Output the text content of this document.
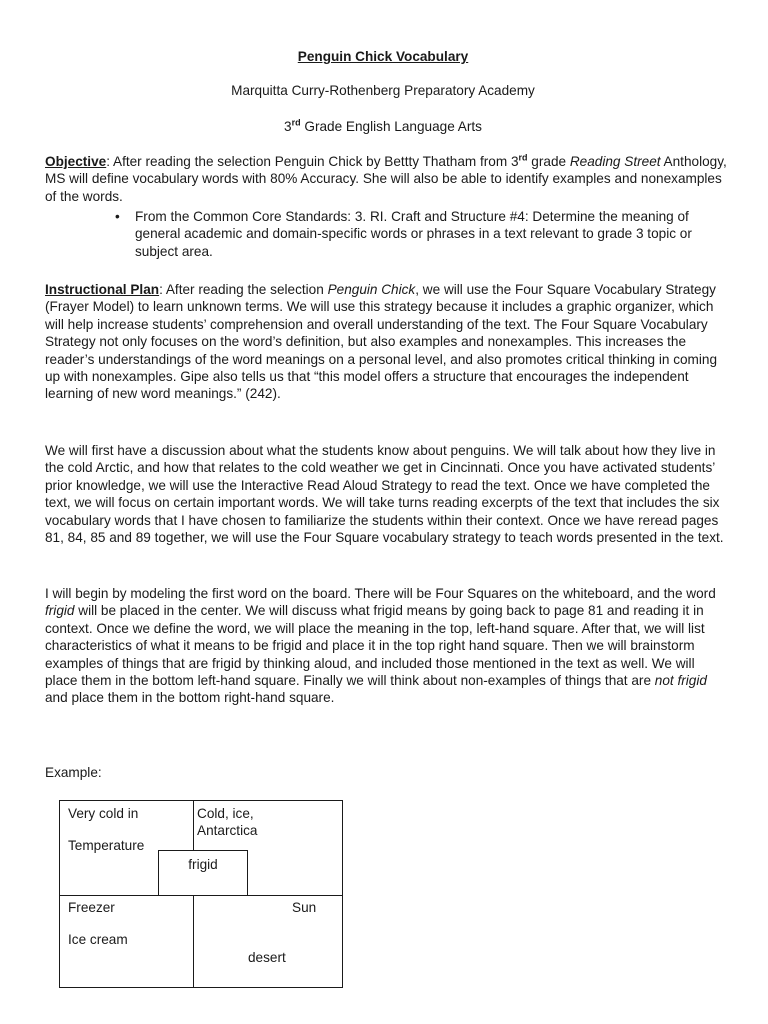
Penguin Chick Vocabulary
Marquitta Curry-Rothenberg Preparatory Academy
3rd Grade English Language Arts

Objective: After reading the selection Penguin Chick by Bettty Thatham from 3rd grade Reading Street Anthology, MS will define vocabulary words with 80% Accuracy. She will also be able to identify examples and nonexamples of the words.

• From the Common Core Standards: 3. RI. Craft and Structure #4: Determine the meaning of general academic and domain-specific words or phrases in a text relevant to grade 3 topic or subject area.

Instructional Plan: After reading the selection Penguin Chick, we will use the Four Square Vocabulary Strategy (Frayer Model) to learn unknown terms. We will use this strategy because it includes a graphic organizer, which will help increase students’ comprehension and overall understanding of the text. The Four Square Vocabulary Strategy not only focuses on the word’s definition, but also examples and nonexamples. This increases the reader’s understandings of the word meanings on a personal level, and also promotes critical thinking in coming up with nonexamples. Gipe also tells us that “this model offers a structure that encourages the independent learning of new word meanings.” (242).

We will first have a discussion about what the students know about penguins. We will talk about how they live in the cold Arctic, and how that relates to the cold weather we get in Cincinnati. Once you have activated students’ prior knowledge, we will use the Interactive Read Aloud Strategy to read the text. Once we have completed the text, we will focus on certain important words. We will take turns reading excerpts of the text that includes the six vocabulary words that I have chosen to familiarize the students within their context. Once we have reread pages 81, 84, 85 and 89 together, we will use the Four Square vocabulary strategy to teach words presented in the text.

I will begin by modeling the first word on the board. There will be Four Squares on the whiteboard, and the word frigid will be placed in the center. We will discuss what frigid means by going back to page 81 and reading it in context. Once we define the word, we will place the meaning in the top, left-hand square. After that, we will list characteristics of what it means to be frigid and place it in the top right hand square. Then we will brainstorm examples of things that are frigid by thinking aloud, and included those mentioned in the text as well. We will place them in the bottom left-hand square. Finally we will think about non-examples of things that are not frigid and place them in the bottom right-hand square.

Example:
Very cold in	Cold, ice, Antarctica
frigid
Temperature
Freezer
Ice cream
Sun
desert
